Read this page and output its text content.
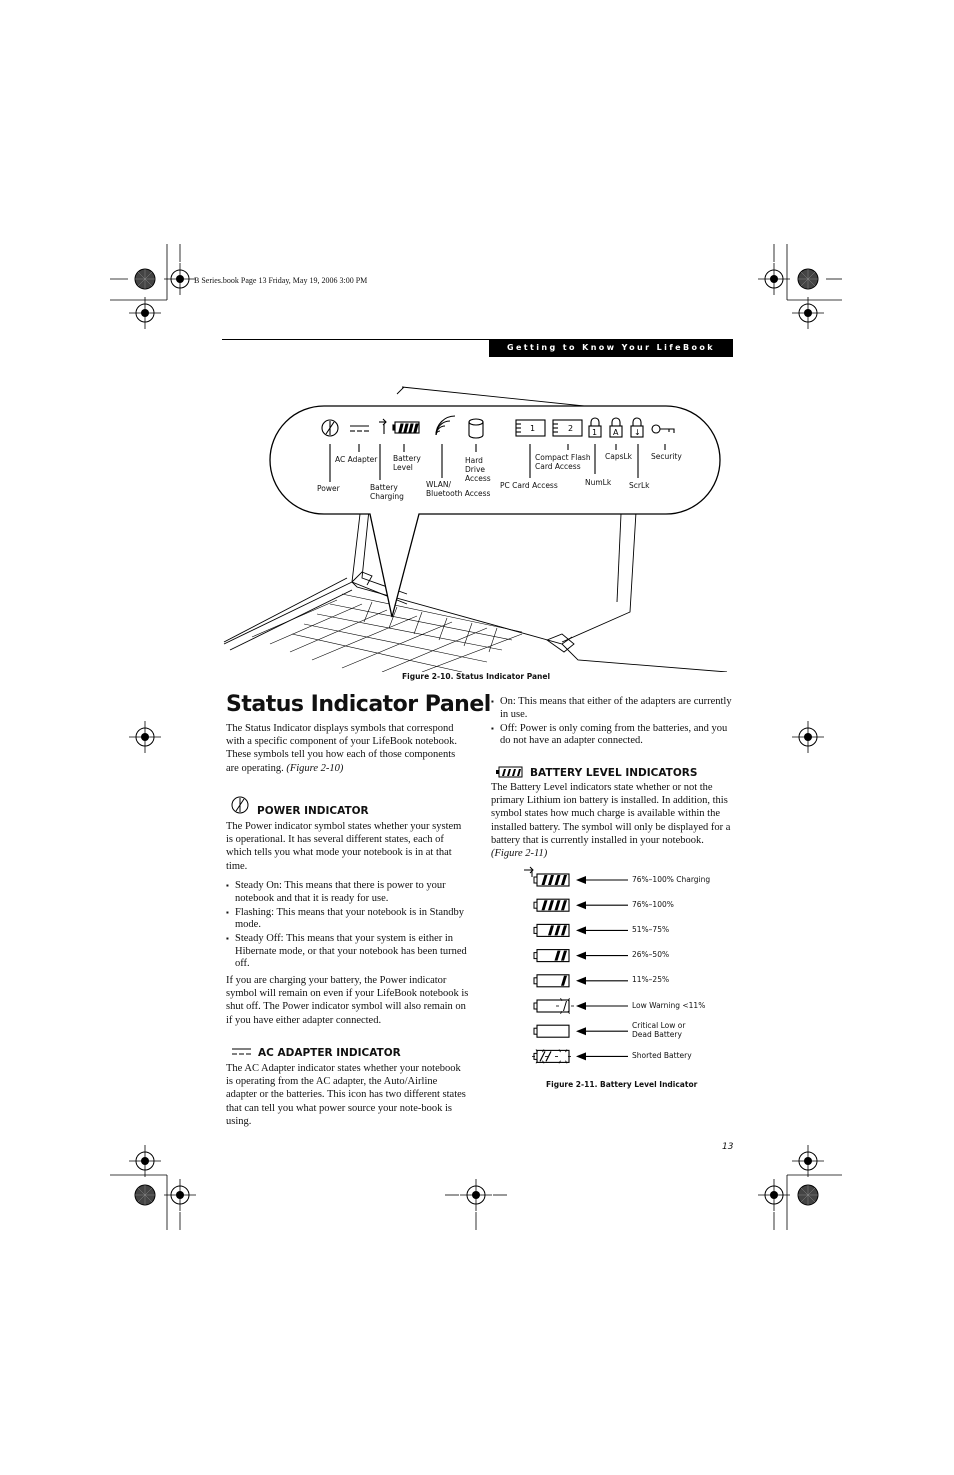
B Series.book Page 13 Friday, May 19, 2006 3:00 PM
Getting to Know Your LifeBook
1	2 1 A ↓
AC Adapter Battery
Level
Hard
Drive
Access
Compact Flash
Card Access
CapsLk	Security
Power	Battery
Charging
WLAN/
Bluetooth Access
PC Card Access	NumLk ScrLk
Figure 2-10. Status Indicator Panel
Status Indicator Panel

The Status Indicator displays symbols that correspond with a specific component of your LifeBook notebook. These symbols tell you how each of those components are operating. (Figure 2-10)

POWER INDICATOR

The Power indicator symbol states whether your system is operational. It has several different states, each of which tells you what mode your notebook is in at that time.

▪ Steady On: This means that there is power to your notebook and that it is ready for use.
▪ Flashing: This means that your notebook is in Standby mode.
▪ Steady Off: This means that your system is either in Hibernate mode, or that your notebook has been turned off.

If you are charging your battery, the Power indicator symbol will remain on even if your LifeBook notebook is shut off. The Power indicator symbol will also remain on if you have either adapter connected.

AC ADAPTER INDICATOR

The AC Adapter indicator states whether your notebook is operating from the AC adapter, the Auto/Airline adapter or the batteries. This icon has two different states that can tell you what power source your note-book is using.

▪ On: This means that either of the adapters are currently in use.
▪ Off: Power is only coming from the batteries, and you do not have an adapter connected.
BATTERY LEVEL INDICATORS

The Battery Level indicators state whether or not the primary Lithium ion battery is installed. In addition, this symbol states how much charge is available within the installed battery. The symbol will only be displayed for a battery that is currently installed in your notebook. (Figure 2-11)

76%–100% Charging
76%–100%
51%–75%
26%–50%
11%–25%
Low Warning <11%
Critical Low or
Dead Battery
Shorted Battery
Figure 2-11. Battery Level Indicator
13
